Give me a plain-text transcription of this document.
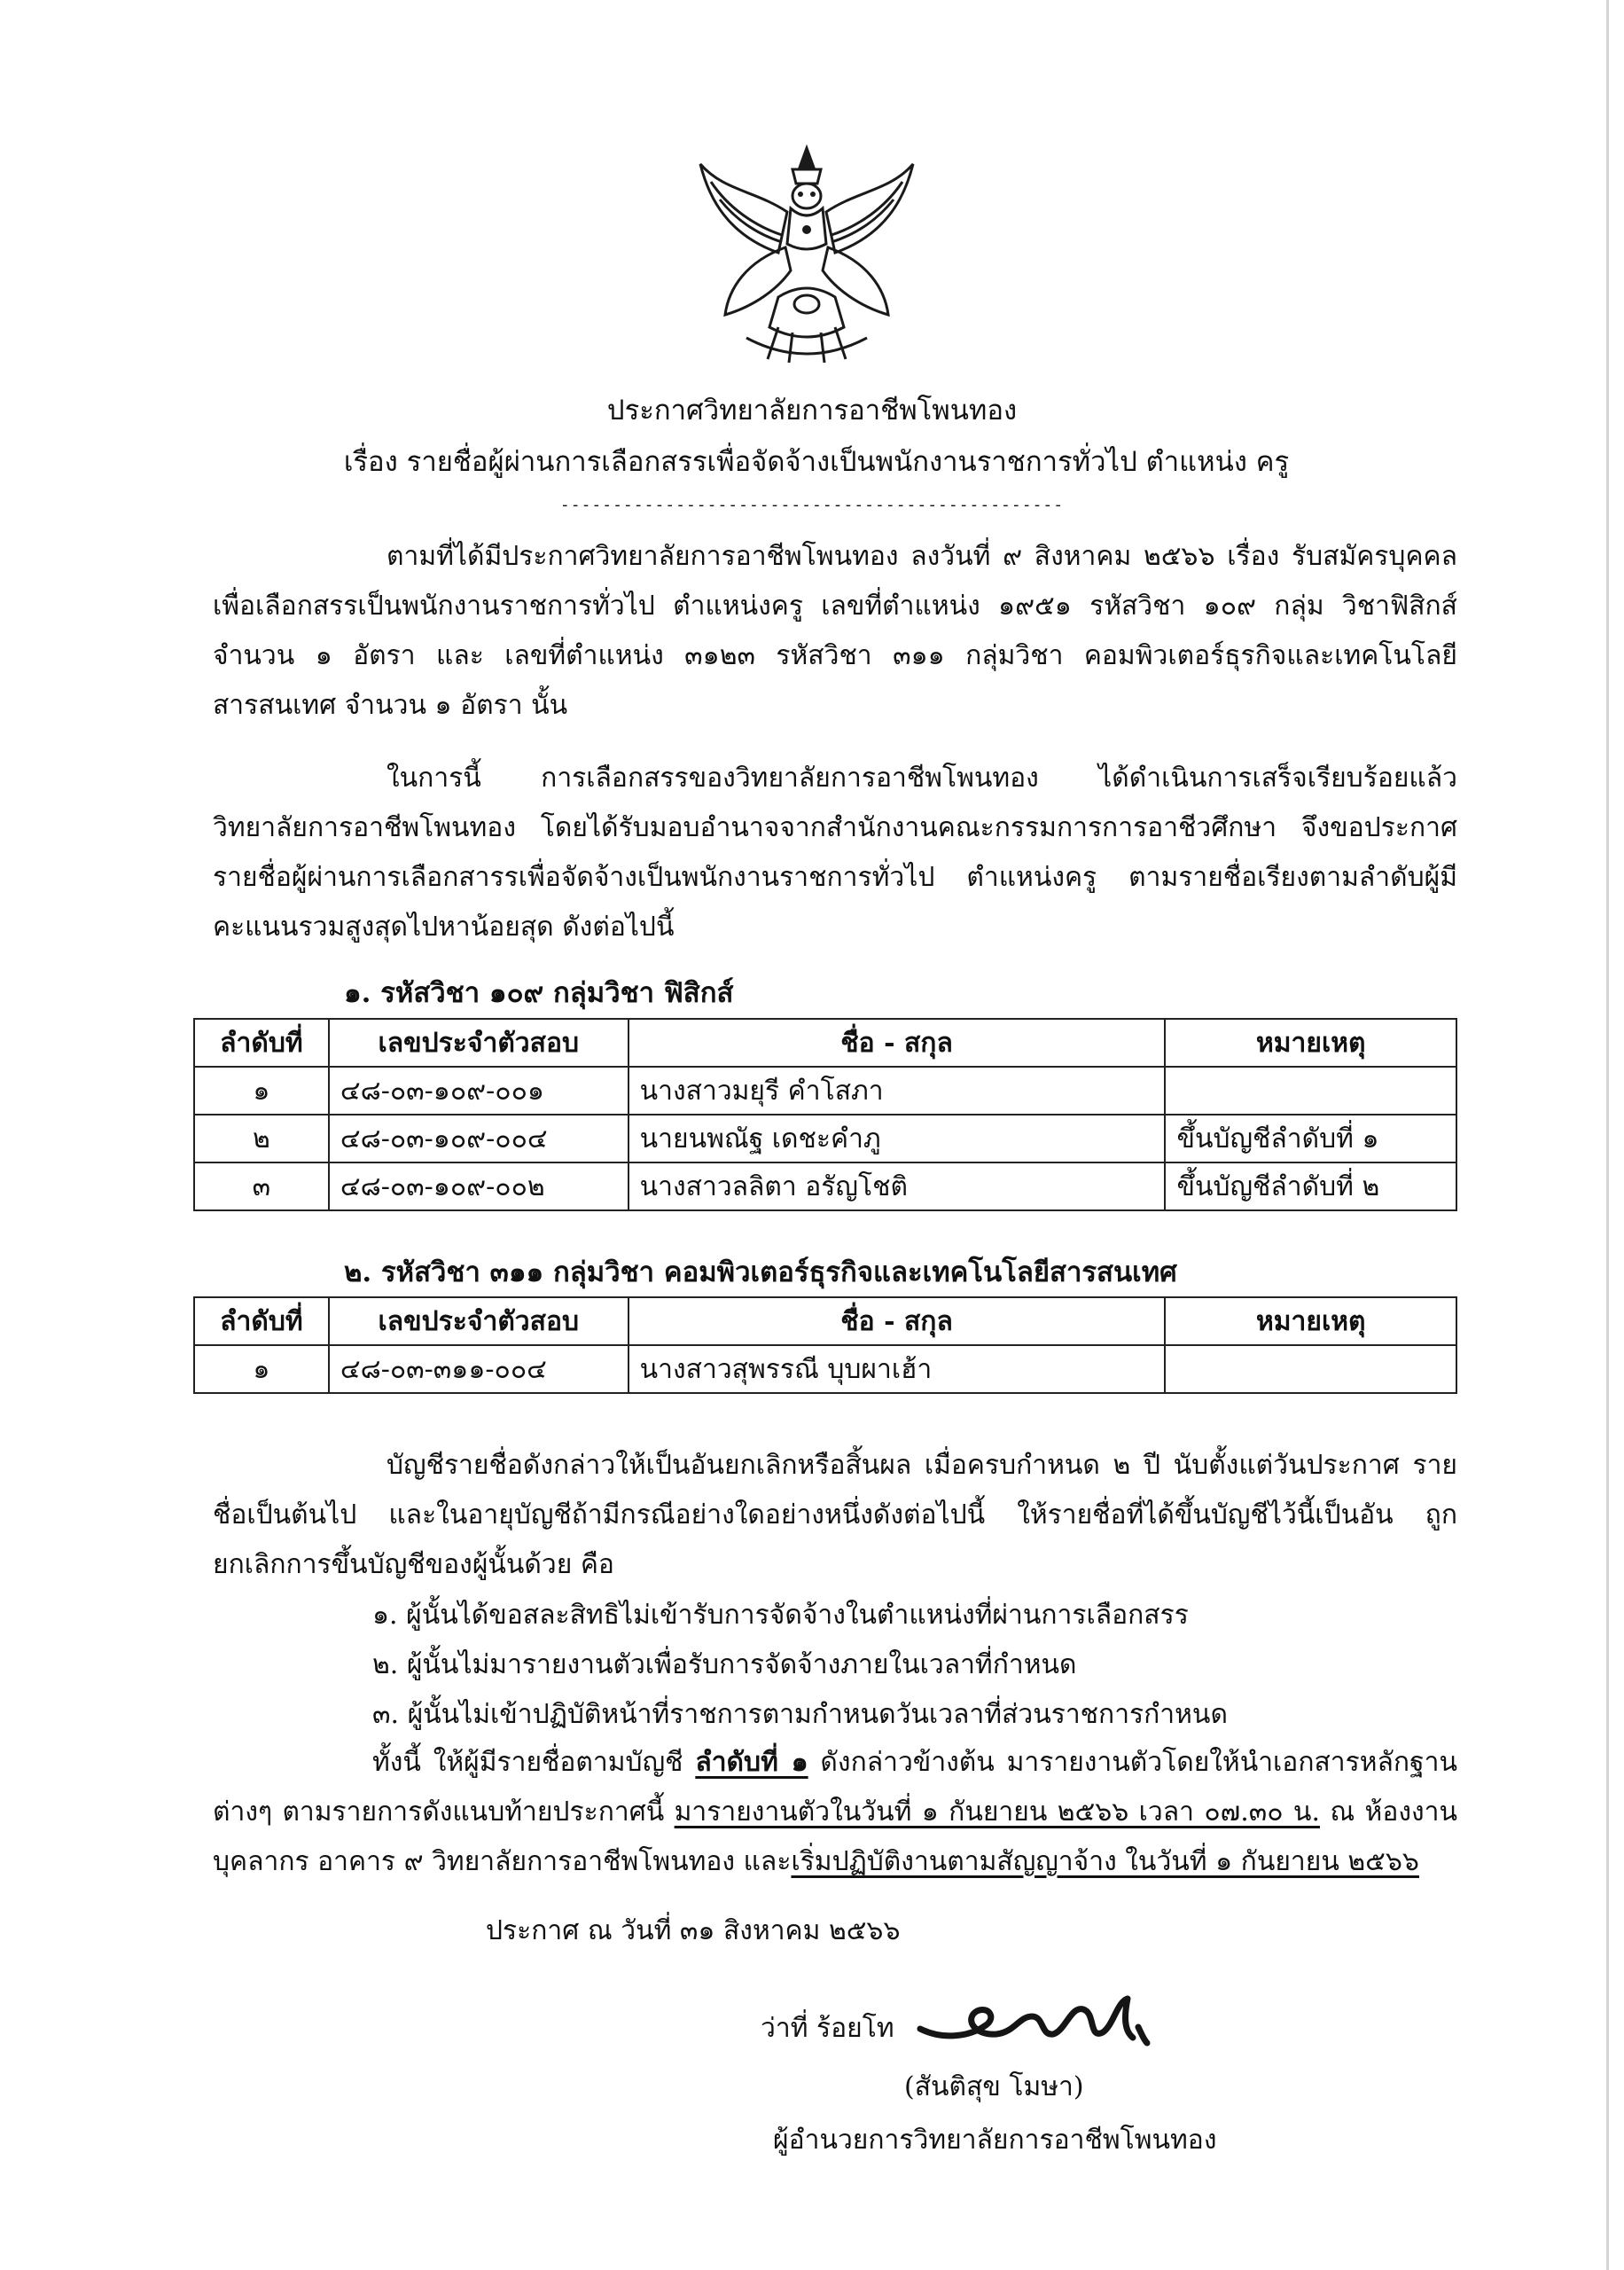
ประกาศวิทยาลัยการอาชีพโพนทอง
เรื่อง รายชื่อผู้ผ่านการเลือกสรรเพื่อจัดจ้างเป็นพนักงานราชการทั่วไป ตำแหน่ง ครู
------------------------------------------------
ตามที่ได้มีประกาศวิทยาลัยการอาชีพโพนทอง ลงวันที่ ๙ สิงหาคม ๒๕๖๖ เรื่อง รับสมัครบุคคล เพื่อเลือกสรรเป็นพนักงานราชการทั่วไป ตำแหน่งครู เลขที่ตำแหน่ง ๑๙๕๑ รหัสวิชา ๑๐๙ กลุ่ม วิชาฟิสิกส์ จำนวน ๑ อัตรา และ เลขที่ตำแหน่ง ๓๑๒๓ รหัสวิชา ๓๑๑ กลุ่มวิชา คอมพิวเตอร์ธุรกิจและเทคโนโลยีสารสนเทศ จำนวน ๑ อัตรา นั้น
ในการนี้ การเลือกสรรของวิทยาลัยการอาชีพโพนทอง ได้ดำเนินการเสร็จเรียบร้อยแล้ว วิทยาลัยการอาชีพโพนทอง โดยได้รับมอบอำนาจจากสำนักงานคณะกรรมการการอาชีวศึกษา จึงขอประกาศ รายชื่อผู้ผ่านการเลือกสารรเพื่อจัดจ้างเป็นพนักงานราชการทั่วไป ตำแหน่งครู ตามรายชื่อเรียงตามลำดับผู้มี คะแนนรวมสูงสุดไปหาน้อยสุด ดังต่อไปนี้
๑. รหัสวิชา ๑๐๙ กลุ่มวิชา ฟิสิกส์
ลำดับที่	เลขประจำตัวสอบ	ชื่อ - สกุล	หมายเหตุ
๑	๔๘-๐๓-๑๐๙-๐๐๑	นางสาวมยุรี คำโสภา	
๒	๔๘-๐๓-๑๐๙-๐๐๔	นายนพณัฐ เดชะคำภู	ขึ้นบัญชีลำดับที่ ๑
๓	๔๘-๐๓-๑๐๙-๐๐๒	นางสาวลลิตา อรัญโชติ	ขึ้นบัญชีลำดับที่ ๒
๒. รหัสวิชา ๓๑๑ กลุ่มวิชา คอมพิวเตอร์ธุรกิจและเทคโนโลยีสารสนเทศ
ลำดับที่	เลขประจำตัวสอบ	ชื่อ - สกุล	หมายเหตุ
๑	๔๘-๐๓-๓๑๑-๐๐๔	นางสาวสุพรรณี บุบผาเฮ้า	
บัญชีรายชื่อดังกล่าวให้เป็นอันยกเลิกหรือสิ้นผล เมื่อครบกำหนด ๒ ปี นับตั้งแต่วันประกาศ รายชื่อเป็นต้นไป และในอายุบัญชีถ้ามีกรณีอย่างใดอย่างหนึ่งดังต่อไปนี้ ให้รายชื่อที่ได้ขึ้นบัญชีไว้นี้เป็นอัน ถูกยกเลิกการขึ้นบัญชีของผู้นั้นด้วย คือ
๑. ผู้นั้นได้ขอสละสิทธิไม่เข้ารับการจัดจ้างในตำแหน่งที่ผ่านการเลือกสรร
๒. ผู้นั้นไม่มารายงานตัวเพื่อรับการจัดจ้างภายในเวลาที่กำหนด
๓. ผู้นั้นไม่เข้าปฏิบัติหน้าที่ราชการตามกำหนดวันเวลาที่ส่วนราชการกำหนด
ทั้งนี้ ให้ผู้มีรายชื่อตามบัญชี ลำดับที่ ๑ ดังกล่าวข้างต้น มารายงานตัวโดยให้นำเอกสารหลักฐาน ต่างๆ ตามรายการดังแนบท้ายประกาศนี้ มารายงานตัวในวันที่ ๑ กันยายน ๒๕๖๖ เวลา ๐๗.๓๐ น. ณ ห้องงาน บุคลากร อาคาร ๙ วิทยาลัยการอาชีพโพนทอง และเริ่มปฏิบัติงานตามสัญญาจ้าง ในวันที่ ๑ กันยายน ๒๕๖๖
ประกาศ ณ วันที่ ๓๑ สิงหาคม ๒๕๖๖
ว่าที่ ร้อยโท
(สันติสุข โมษา)
ผู้อำนวยการวิทยาลัยการอาชีพโพนทอง
